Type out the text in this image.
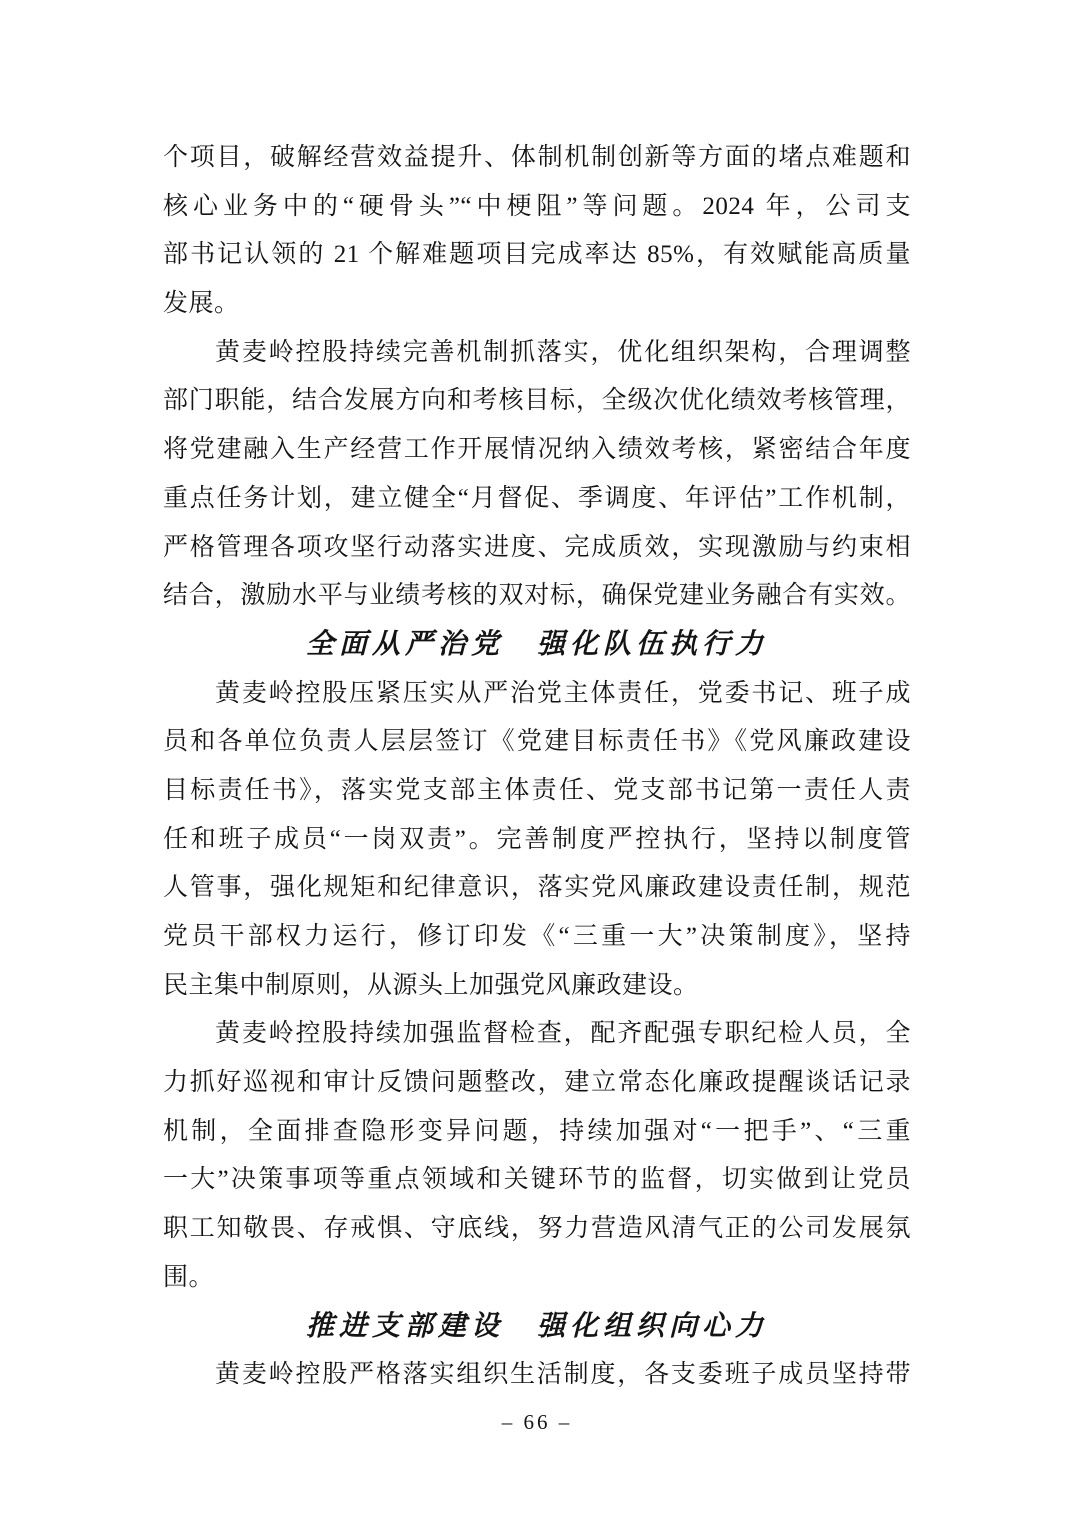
个项目，破解经营效益提升、体制机制创新等方面的堵点难题和
核心业务中的“硬骨头”“中梗阻”等问题。2024 年，公司支
部书记认领的 21 个解难题项目完成率达 85%，有效赋能高质量
发展。
黄麦岭控股持续完善机制抓落实，优化组织架构，合理调整
部门职能，结合发展方向和考核目标，全级次优化绩效考核管理，
将党建融入生产经营工作开展情况纳入绩效考核，紧密结合年度
重点任务计划，建立健全“月督促、季调度、年评估”工作机制，
严格管理各项攻坚行动落实进度、完成质效，实现激励与约束相
结合，激励水平与业绩考核的双对标，确保党建业务融合有实效。
全面从严治党　强化队伍执行力
黄麦岭控股压紧压实从严治党主体责任，党委书记、班子成
员和各单位负责人层层签订《党建目标责任书》《党风廉政建设
目标责任书》，落实党支部主体责任、党支部书记第一责任人责
任和班子成员“一岗双责”。完善制度严控执行，坚持以制度管
人管事，强化规矩和纪律意识，落实党风廉政建设责任制，规范
党员干部权力运行，修订印发《“三重一大”决策制度》，坚持
民主集中制原则，从源头上加强党风廉政建设。
黄麦岭控股持续加强监督检查，配齐配强专职纪检人员，全
力抓好巡视和审计反馈问题整改，建立常态化廉政提醒谈话记录
机制，全面排查隐形变异问题，持续加强对“一把手”、“三重
一大”决策事项等重点领域和关键环节的监督，切实做到让党员
职工知敬畏、存戒惧、守底线，努力营造风清气正的公司发展氛
围。
推进支部建设　强化组织向心力
黄麦岭控股严格落实组织生活制度，各支委班子成员坚持带
– 66 –
